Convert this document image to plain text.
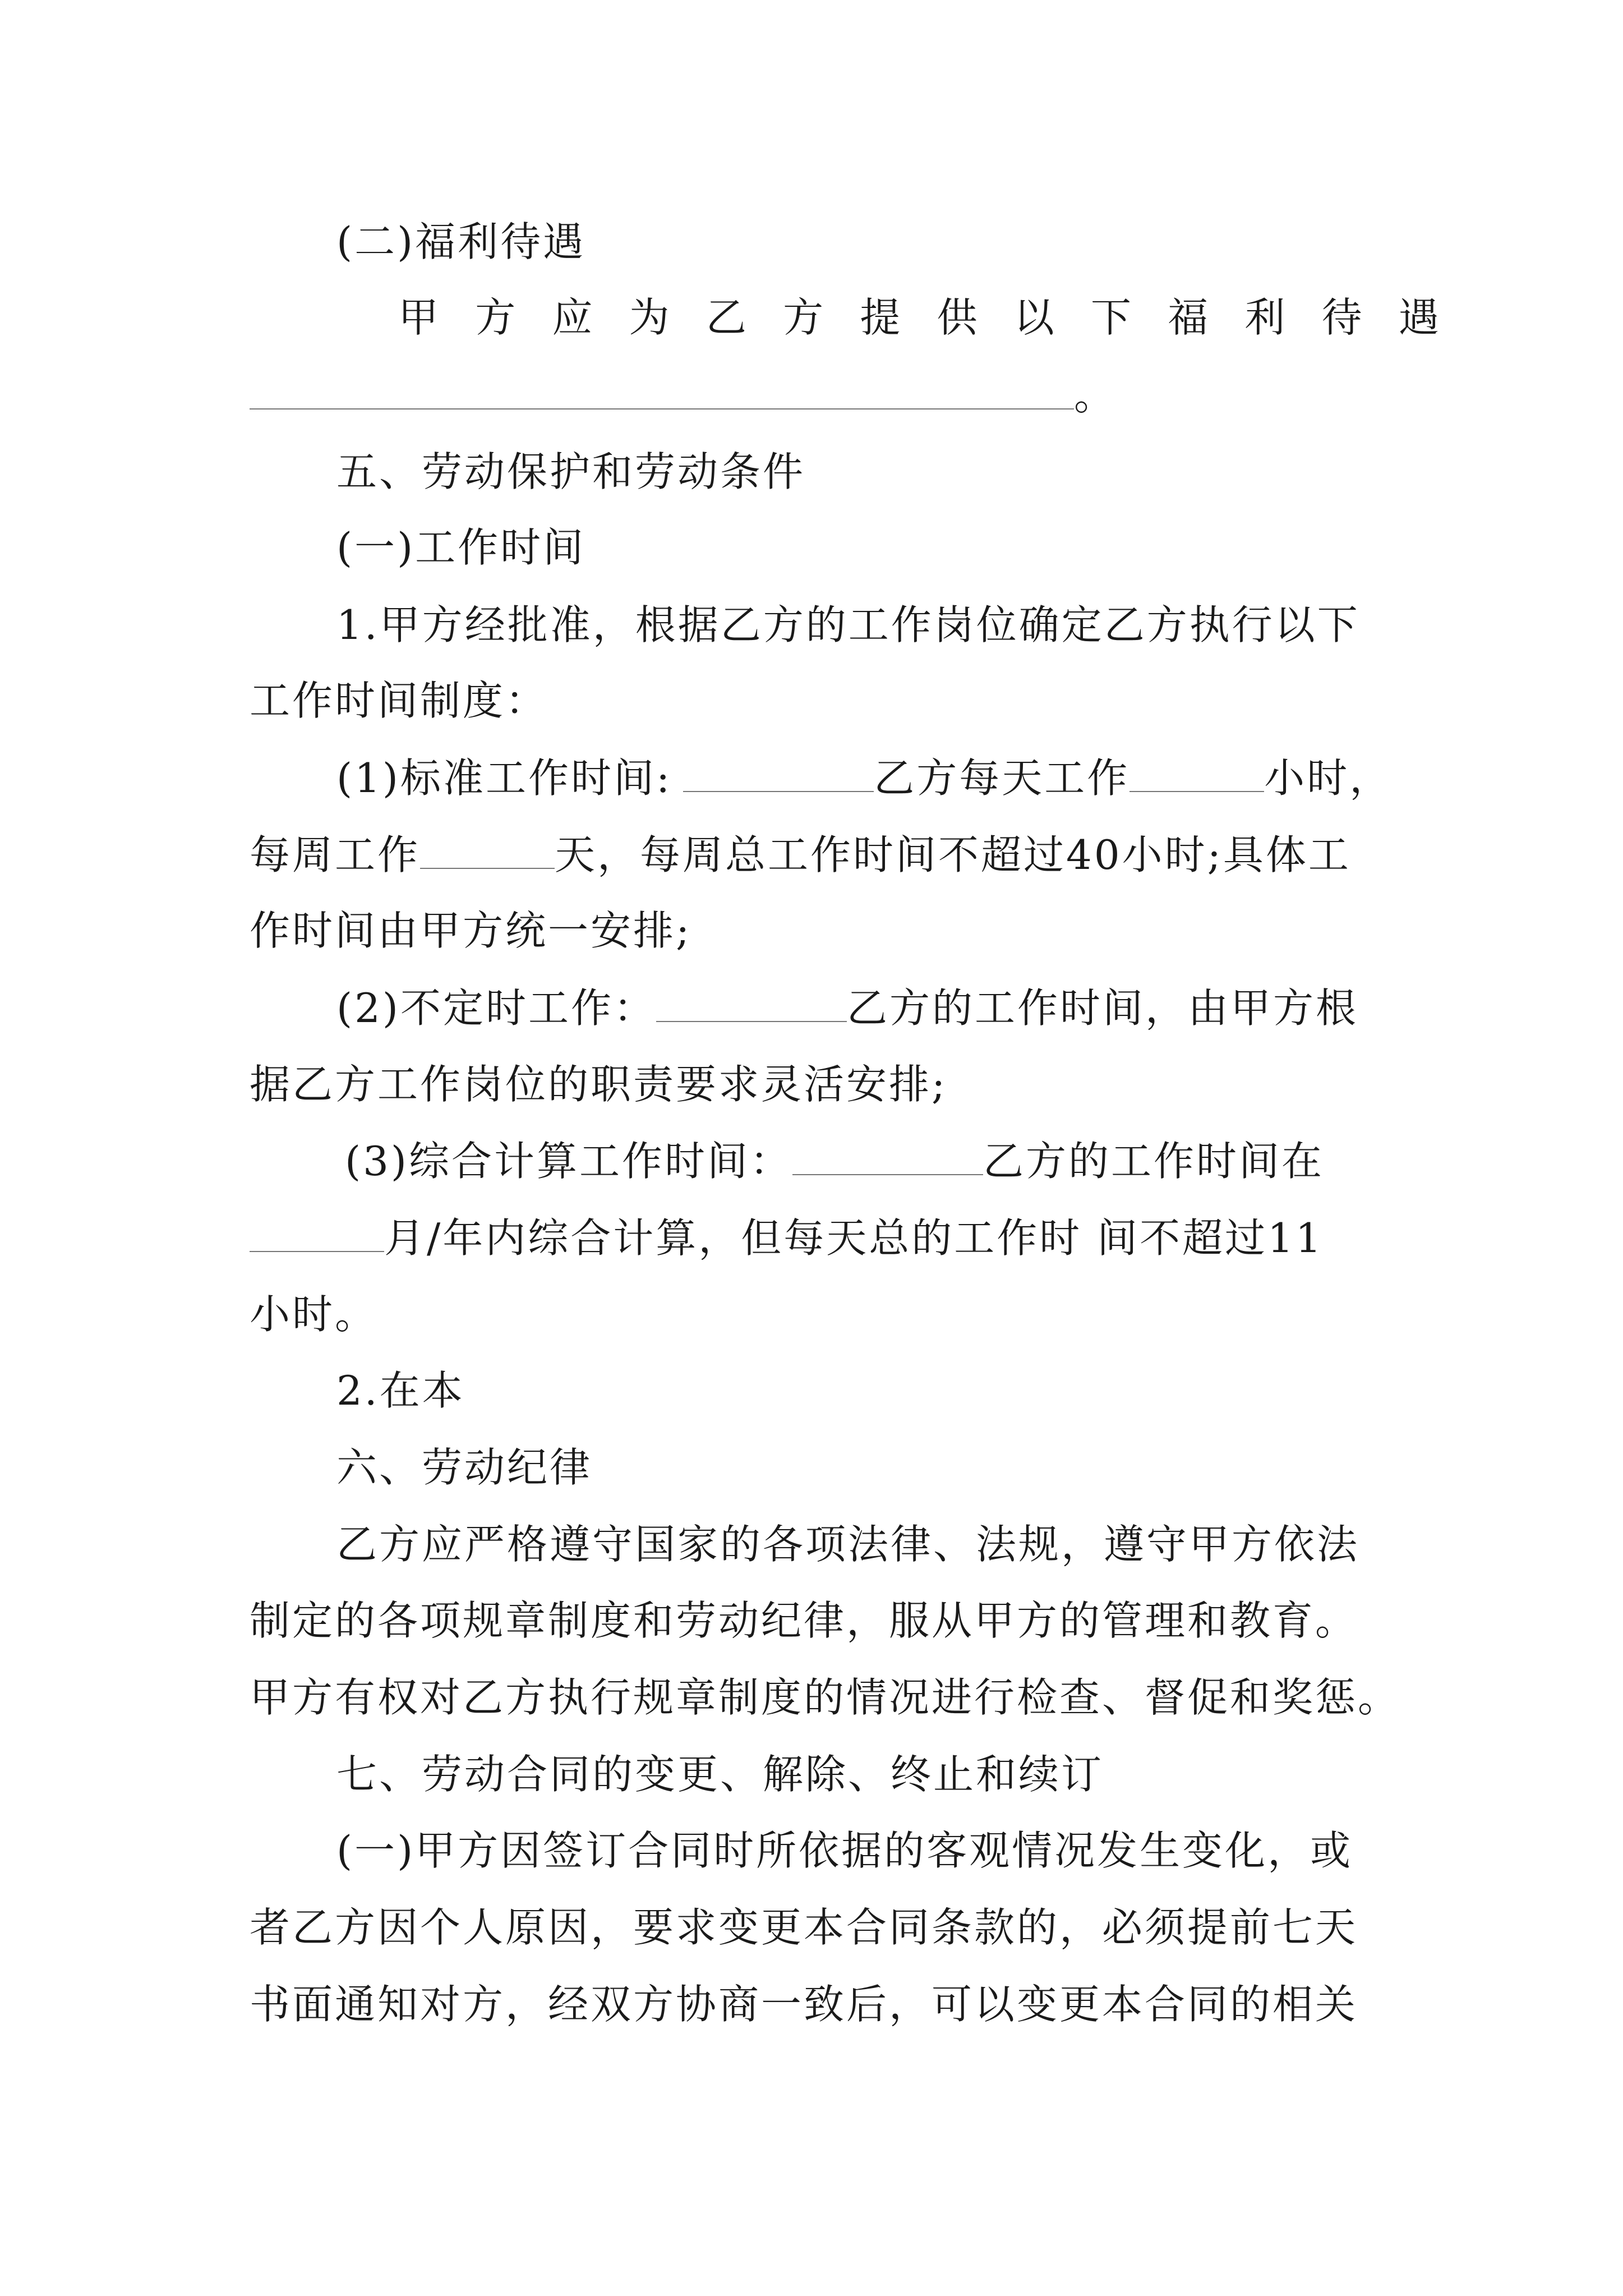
(二)福利待遇
甲 方 应 为 乙 方 提 供 以 下 福 利 待 遇
。
五、劳动保护和劳动条件
(一)工作时间
1.甲方经批准，根据乙方的工作岗位确定乙方执行以下
工作时间制度：
(1)标准工作时间:	乙方每天工作	小时，
每周工作	天，每周总工作时间不超过40小时;具体工
作时间由甲方统一安排;
(2)不定时工作：	乙方的工作时间，由甲方根
据乙方工作岗位的职责要求灵活安排;
(3)综合计算工作时间：	乙方的工作时间在
月/年内综合计算，但每天总的工作时 间不超过11
小时。
2.在本
六、劳动纪律
乙方应严格遵守国家的各项法律、法规，遵守甲方依法
制定的各项规章制度和劳动纪律，服从甲方的管理和教育。
甲方有权对乙方执行规章制度的情况进行检查、督促和奖惩。
七、劳动合同的变更、解除、终止和续订
(一)甲方因签订合同时所依据的客观情况发生变化，或
者乙方因个人原因，要求变更本合同条款的，必须提前七天
书面通知对方，经双方协商一致后，可以变更本合同的相关
